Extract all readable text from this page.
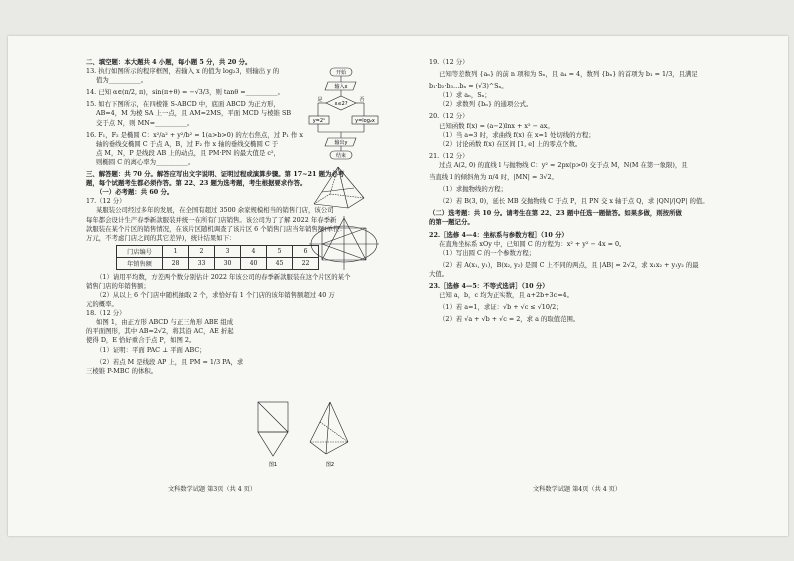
二、填空题：本大题共 4 小题，每小题 5 分，共 20 分。
13. 执行如图所示的程序框图，若输入 x 的值为 log₂3，则输出 y 的
值为__________。
14. 已知 α∈(π/2, π)，sin(π+θ) = −√3/3，则 tanθ =__________。
15. 如右下图所示，在四棱锥 S-ABCD 中，底面 ABCD 为正方形，
AB=4，M 为棱 SA 上一点，且 AM=2MS，平面 MCD 与棱锥 SB
交于点 N，则 MN=__________。
16. F₁，F₂ 是椭圆 C：x²/a² + y²/b² = 1(a>b>0) 的左右焦点，过 P₁ 作 x
轴的垂线交椭圆 C 于点 A，B，过 F₂ 作 x 轴的垂线交椭圆 C 于
点 M，N，P 是线段 AB 上的动点，且 PM·PN 的最大值是 c²，
则椭圆 C 的离心率为__________。
三、解答题：共 70 分。解答应写出文字说明、证明过程或演算步骤。第 17~21 题为必考
题，每个试题考生都必须作答。第 22、23 题为选考题，考生根据要求作答。
（一）必考题：共 60 分。
17.（12 分）
某服装公司经过多年的发展，在全国有超过 3500 余家规模相当的销售门店，该公司
每年都会设计生产春季新款服装并统一在所有门店销售。该公司为了了解 2022 年春季新
款服装在某个片区的销售情况，在该片区随机调查了该片区 6 个销售门店当年销售额(单位：
万元，不考虑门店之间的其它差异)，统计结果如下：
门店编号	1	2	3	4	5	6
年销售额	28	33	30	40	45	22
（1）请用平均数，方差两个数分别估计 2022 年该公司的春季新款服装在这个片区的某个
销售门店的年销售额；
（2）从以上 6 个门店中随机抽取 2 个，求恰好有 1 个门店的该年销售额超过 40 万
元的概率。
18.（12 分）
如图 1，由正方形 ABCD 与正三角形 ABE 组成
的平面图形，其中 AB=2√2，将其沿 AC，AE 折起
使得 D，E 恰好重合于点 P，如图 2。
（1）证明：平面 PAC ⊥ 平面 ABC；
（2）若点 M 是线段 AP 上，且 PM = 1/3 PA，求
三棱锥 P-MBC 的体积。
文科数学试题 第3页（共 4 页）
19.（12 分）
已知等差数列 {aₙ} 的前 n 项和为 Sₙ，且 a₄ = 4，数列 {bₙ} 的首项为 b₁ = 1/3，且满足
b₁·b₂·b₃…bₙ = (√3)^Sₙ。
（1）求 aₙ，Sₙ；
（2）求数列 {bₙ} 的通项公式。
20.（12 分）
已知函数 f(x) = (a−2)lnx + x² − ax。
（1）当 a=3 时，求曲线 f(x) 在 x=1 处切线的方程；
（2）讨论函数 f(x) 在区间 [1, e] 上的零点个数。
21.（12 分）
过点 A(2, 0) 的直线 l 与抛物线 C：y² = 2px(p>0) 交于点 M，N(M 在第一象限)，且
当直线 l 的倾斜角为 π/4 时，|MN| = 3√2。
（1）求抛物线的方程；
（2）若 B(3, 0)，延长 MB 交抛物线 C 于点 P，且 PN 交 x 轴于点 Q，求 |QN|/|QP| 的值。
（二）选考题：共 10 分。请考生在第 22、23 题中任选一题做答。如果多做，则按所做
的第一题记分。
22.［选修 4—4：坐标系与参数方程］（10 分）
在直角坐标系 xOy 中，已知圆 C 的方程为：x² + y² − 4x = 0。
（1）写出圆 C 的一个参数方程；
（2）若 A(x₁, y₁)，B(x₂, y₂) 是圆 C 上不同的两点，且 |AB| = 2√2，求 x₁x₂ + y₁y₂ 的最
大值。
23.［选修 4—5：不等式选讲］（10 分）
已知 a，b，c 均为正实数，且 a+2b+3c=4。
（1）若 a=1，求证：√b + √c ≤ √10/2；
（2）若 √a + √b + √c = 2，求 a 的取值范围。
文科数学试题 第4页（共 4 页）
开始
输入x
x≤2?
是	否
y=2ˣ	y=log₂x
输出y
结束
图1	图2
